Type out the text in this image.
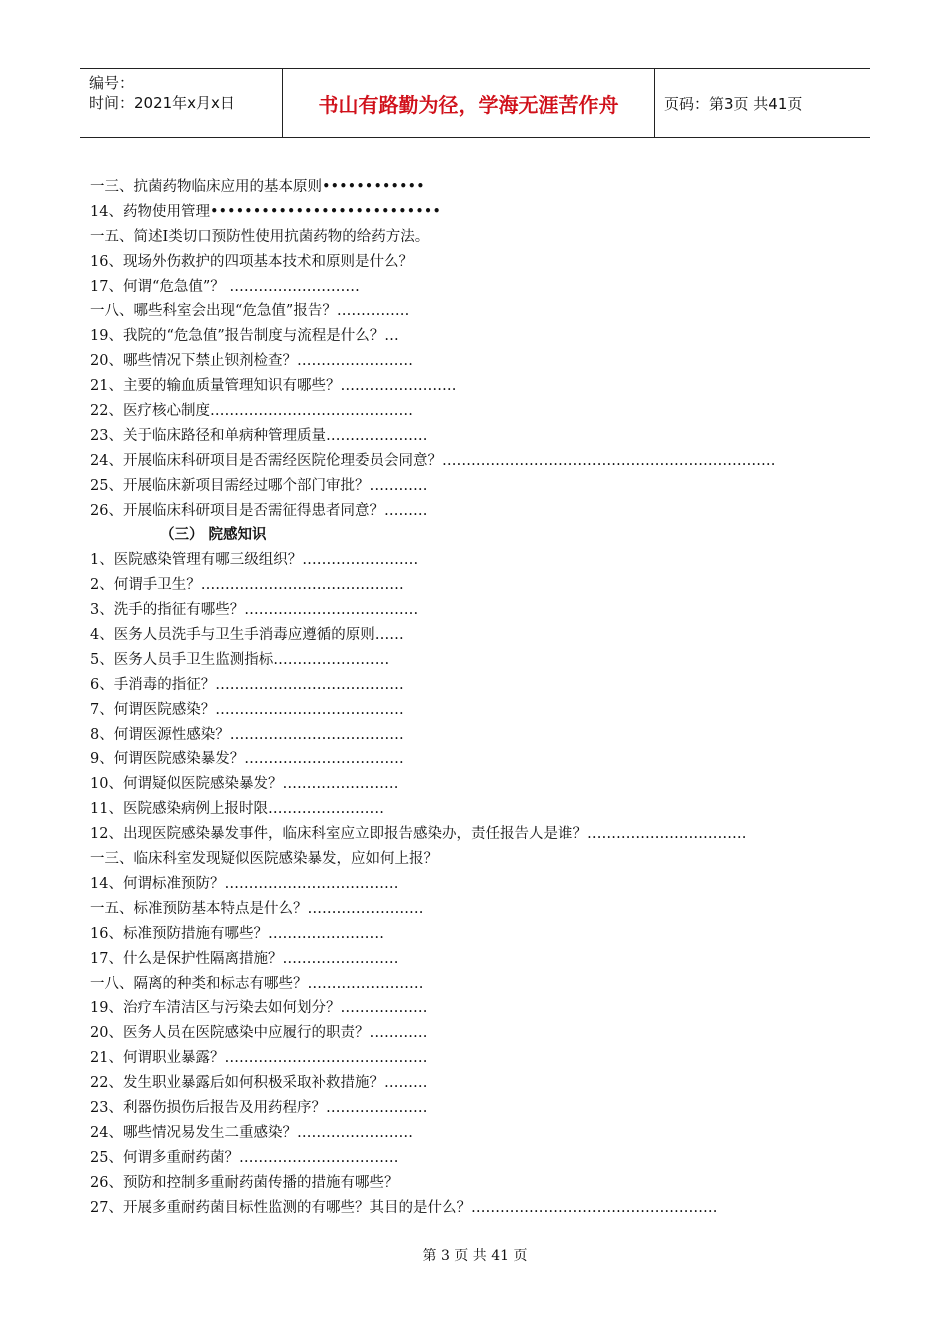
编号：
时间：2021年x月x日	书山有路勤为径，学海无涯苦作舟	页码：第3页 共41页
一三、抗菌药物临床应用的基本原则••••••••••••
14、药物使用管理•••••••••••••••••••••••••••
一五、简述Ⅰ类切口预防性使用抗菌药物的给药方法。
16、现场外伤救护的四项基本技术和原则是什么？
17、何谓“危急值”？ ………………………
一八、哪些科室会出现“危急值”报告？……………
19、我院的“危急值”报告制度与流程是什么？…
20、哪些情况下禁止钡剂检查？……………………
21、主要的输血质量管理知识有哪些？……………………
22、医疗核心制度……………………………………
23、关于临床路径和单病种管理质量…………………
24、开展临床科研项目是否需经医院伦理委员会同意？……………………………………………………………
25、开展临床新项目需经过哪个部门审批？…………
26、开展临床科研项目是否需征得患者同意？………
（三） 院感知识
1、医院感染管理有哪三级组织？……………………
2、何谓手卫生？……………………………………
3、洗手的指征有哪些？………………………………
4、医务人员洗手与卫生手消毒应遵循的原则……
5、医务人员手卫生监测指标……………………
6、手消毒的指征？…………………………………
7、何谓医院感染？…………………………………
8、何谓医源性感染？………………………………
9、何谓医院感染暴发？……………………………
10、何谓疑似医院感染暴发？……………………
11、医院感染病例上报时限……………………
12、出现医院感染暴发事件，临床科室应立即报告感染办，责任报告人是谁？……………………………
一三、临床科室发现疑似医院感染暴发，应如何上报？
14、何谓标准预防？………………………………
一五、标准预防基本特点是什么？……………………
16、标准预防措施有哪些？……………………
17、什么是保护性隔离措施？……………………
一八、隔离的种类和标志有哪些？……………………
19、治疗车清洁区与污染去如何划分？………………
20、医务人员在医院感染中应履行的职责？…………
21、何谓职业暴露？……………………………………
22、发生职业暴露后如何积极采取补救措施？………
23、利器伤损伤后报告及用药程序？…………………
24、哪些情况易发生二重感染？……………………
25、何谓多重耐药菌？……………………………
26、预防和控制多重耐药菌传播的措施有哪些？
27、开展多重耐药菌目标性监测的有哪些？其目的是什么？……………………………………………
第 3 页 共 41 页
